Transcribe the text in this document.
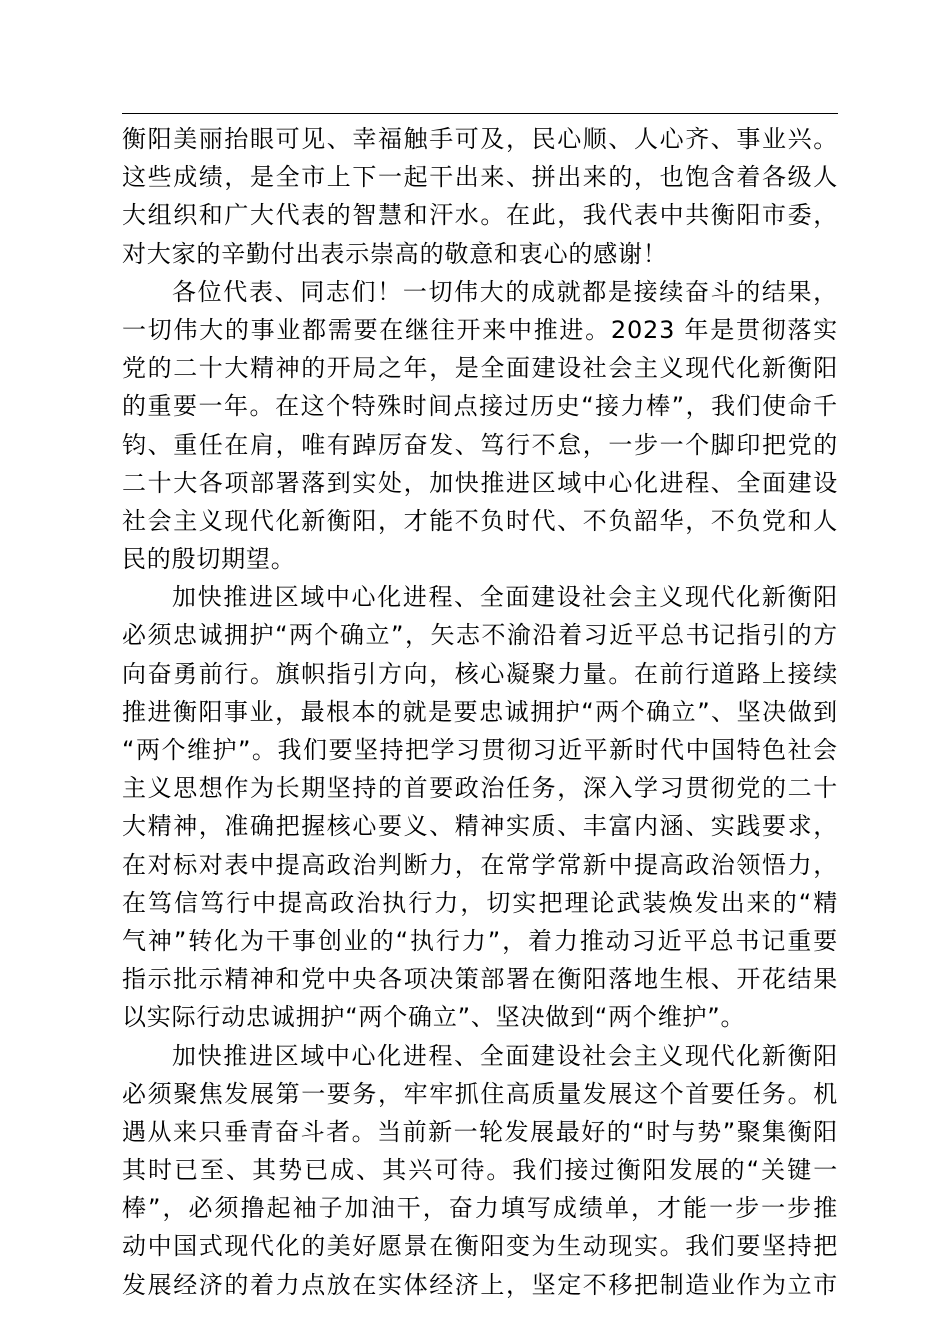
衡阳美丽抬眼可见、幸福触手可及，民心顺、人心齐、事业兴。
这些成绩，是全市上下一起干出来、拼出来的，也饱含着各级人
大组织和广大代表的智慧和汗水。在此，我代表中共衡阳市委，
对大家的辛勤付出表示崇高的敬意和衷心的感谢！
各位代表、同志们！一切伟大的成就都是接续奋斗的结果，
一切伟大的事业都需要在继往开来中推进。2023 年是贯彻落实
党的二十大精神的开局之年，是全面建设社会主义现代化新衡阳
的重要一年。在这个特殊时间点接过历史“接力棒”，我们使命千
钧、重任在肩，唯有踔厉奋发、笃行不怠，一步一个脚印把党的
二十大各项部署落到实处，加快推进区域中心化进程、全面建设
社会主义现代化新衡阳，才能不负时代、不负韶华，不负党和人
民的殷切期望。
加快推进区域中心化进程、全面建设社会主义现代化新衡阳
必须忠诚拥护“两个确立”，矢志不渝沿着习近平总书记指引的方
向奋勇前行。旗帜指引方向，核心凝聚力量。在前行道路上接续
推进衡阳事业，最根本的就是要忠诚拥护“两个确立”、坚决做到
“两个维护”。我们要坚持把学习贯彻习近平新时代中国特色社会
主义思想作为长期坚持的首要政治任务，深入学习贯彻党的二十
大精神，准确把握核心要义、精神实质、丰富内涵、实践要求，
在对标对表中提高政治判断力，在常学常新中提高政治领悟力，
在笃信笃行中提高政治执行力，切实把理论武装焕发出来的“精
气神”转化为干事创业的“执行力”，着力推动习近平总书记重要
指示批示精神和党中央各项决策部署在衡阳落地生根、开花结果
以实际行动忠诚拥护“两个确立”、坚决做到“两个维护”。
加快推进区域中心化进程、全面建设社会主义现代化新衡阳
必须聚焦发展第一要务，牢牢抓住高质量发展这个首要任务。机
遇从来只垂青奋斗者。当前新一轮发展最好的“时与势”聚集衡阳
其时已至、其势已成、其兴可待。我们接过衡阳发展的“关键一
棒”，必须撸起袖子加油干，奋力填写成绩单，才能一步一步推
动中国式现代化的美好愿景在衡阳变为生动现实。我们要坚持把
发展经济的着力点放在实体经济上，坚定不移把制造业作为立市
